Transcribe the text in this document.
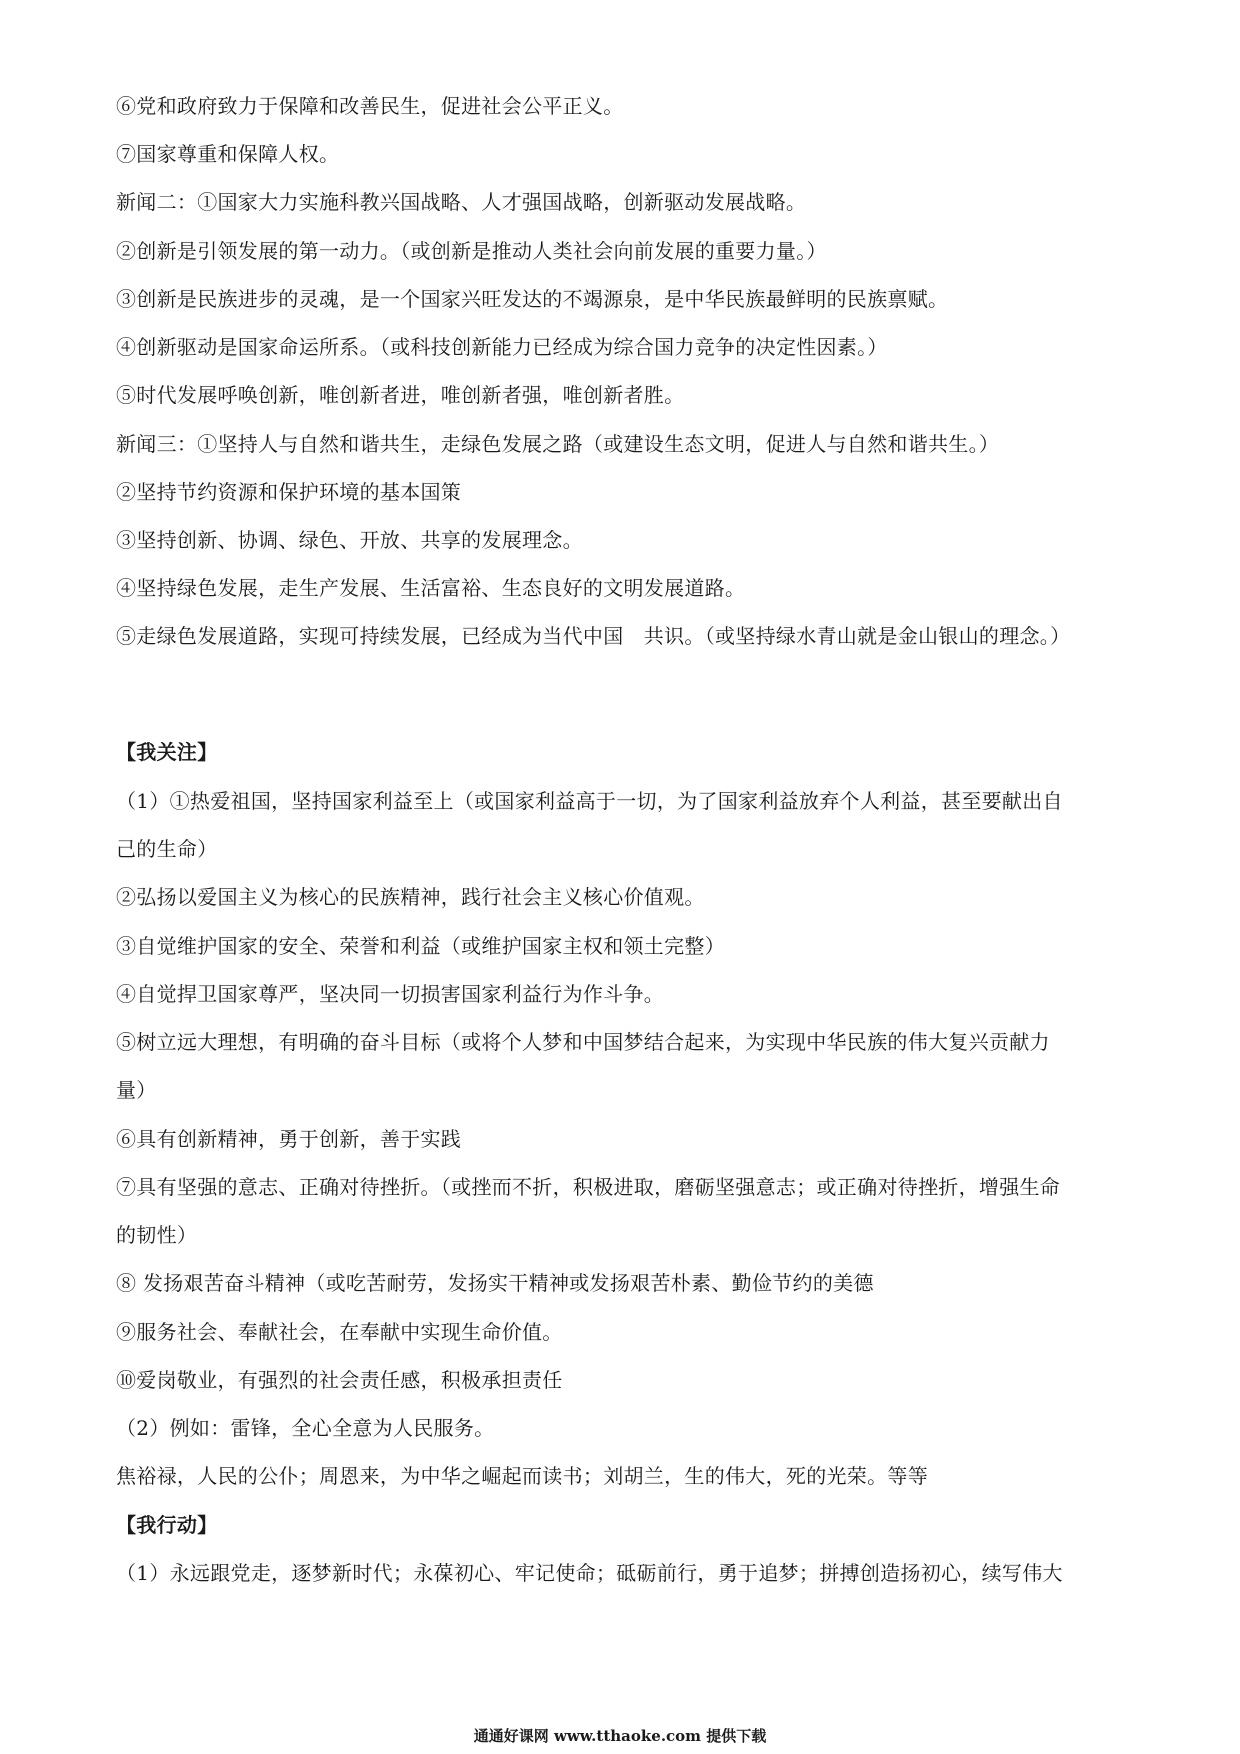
⑥党和政府致力于保障和改善民生，促进社会公平正义。

⑦国家尊重和保障人权。

新闻二：①国家大力实施科教兴国战略、人才强国战略，创新驱动发展战略。

②创新是引领发展的第一动力。（或创新是推动人类社会向前发展的重要力量。）

③创新是民族进步的灵魂，是一个国家兴旺发达的不竭源泉，是中华民族最鲜明的民族禀赋。

④创新驱动是国家命运所系。（或科技创新能力已经成为综合国力竞争的决定性因素。）

⑤时代发展呼唤创新，唯创新者进，唯创新者强，唯创新者胜。

新闻三：①坚持人与自然和谐共生，走绿色发展之路（或建设生态文明，促进人与自然和谐共生。）

②坚持节约资源和保护环境的基本国策

③坚持创新、协调、绿色、开放、共享的发展理念。

④坚持绿色发展，走生产发展、生活富裕、生态良好的文明发展道路。

⑤走绿色发展道路，实现可持续发展，已经成为当代中国　共识。（或坚持绿水青山就是金山银山的理念。）

【我关注】

（1）①热爱祖国，坚持国家利益至上（或国家利益高于一切，为了国家利益放弃个人利益，甚至要献出自

己的生命）

②弘扬以爱国主义为核心的民族精神，践行社会主义核心价值观。

③自觉维护国家的安全、荣誉和利益（或维护国家主权和领土完整）

④自觉捍卫国家尊严，坚决同一切损害国家利益行为作斗争。

⑤树立远大理想，有明确的奋斗目标（或将个人梦和中国梦结合起来，为实现中华民族的伟大复兴贡献力

量）

⑥具有创新精神，勇于创新，善于实践

⑦具有坚强的意志、正确对待挫折。（或挫而不折，积极进取，磨砺坚强意志；或正确对待挫折，增强生命

的韧性）

⑧ 发扬艰苦奋斗精神（或吃苦耐劳，发扬实干精神或发扬艰苦朴素、勤俭节约的美德

⑨服务社会、奉献社会，在奉献中实现生命价值。

⑩爱岗敬业，有强烈的社会责任感，积极承担责任

（2）例如：雷锋，全心全意为人民服务。

焦裕禄，人民的公仆；周恩来，为中华之崛起而读书；刘胡兰，生的伟大，死的光荣。等等

【我行动】

（1）永远跟党走，逐梦新时代；永葆初心、牢记使命；砥砺前行，勇于追梦；拼搏创造扬初心，续写伟大

通通好课网 www.tthaoke.com 提供下载
